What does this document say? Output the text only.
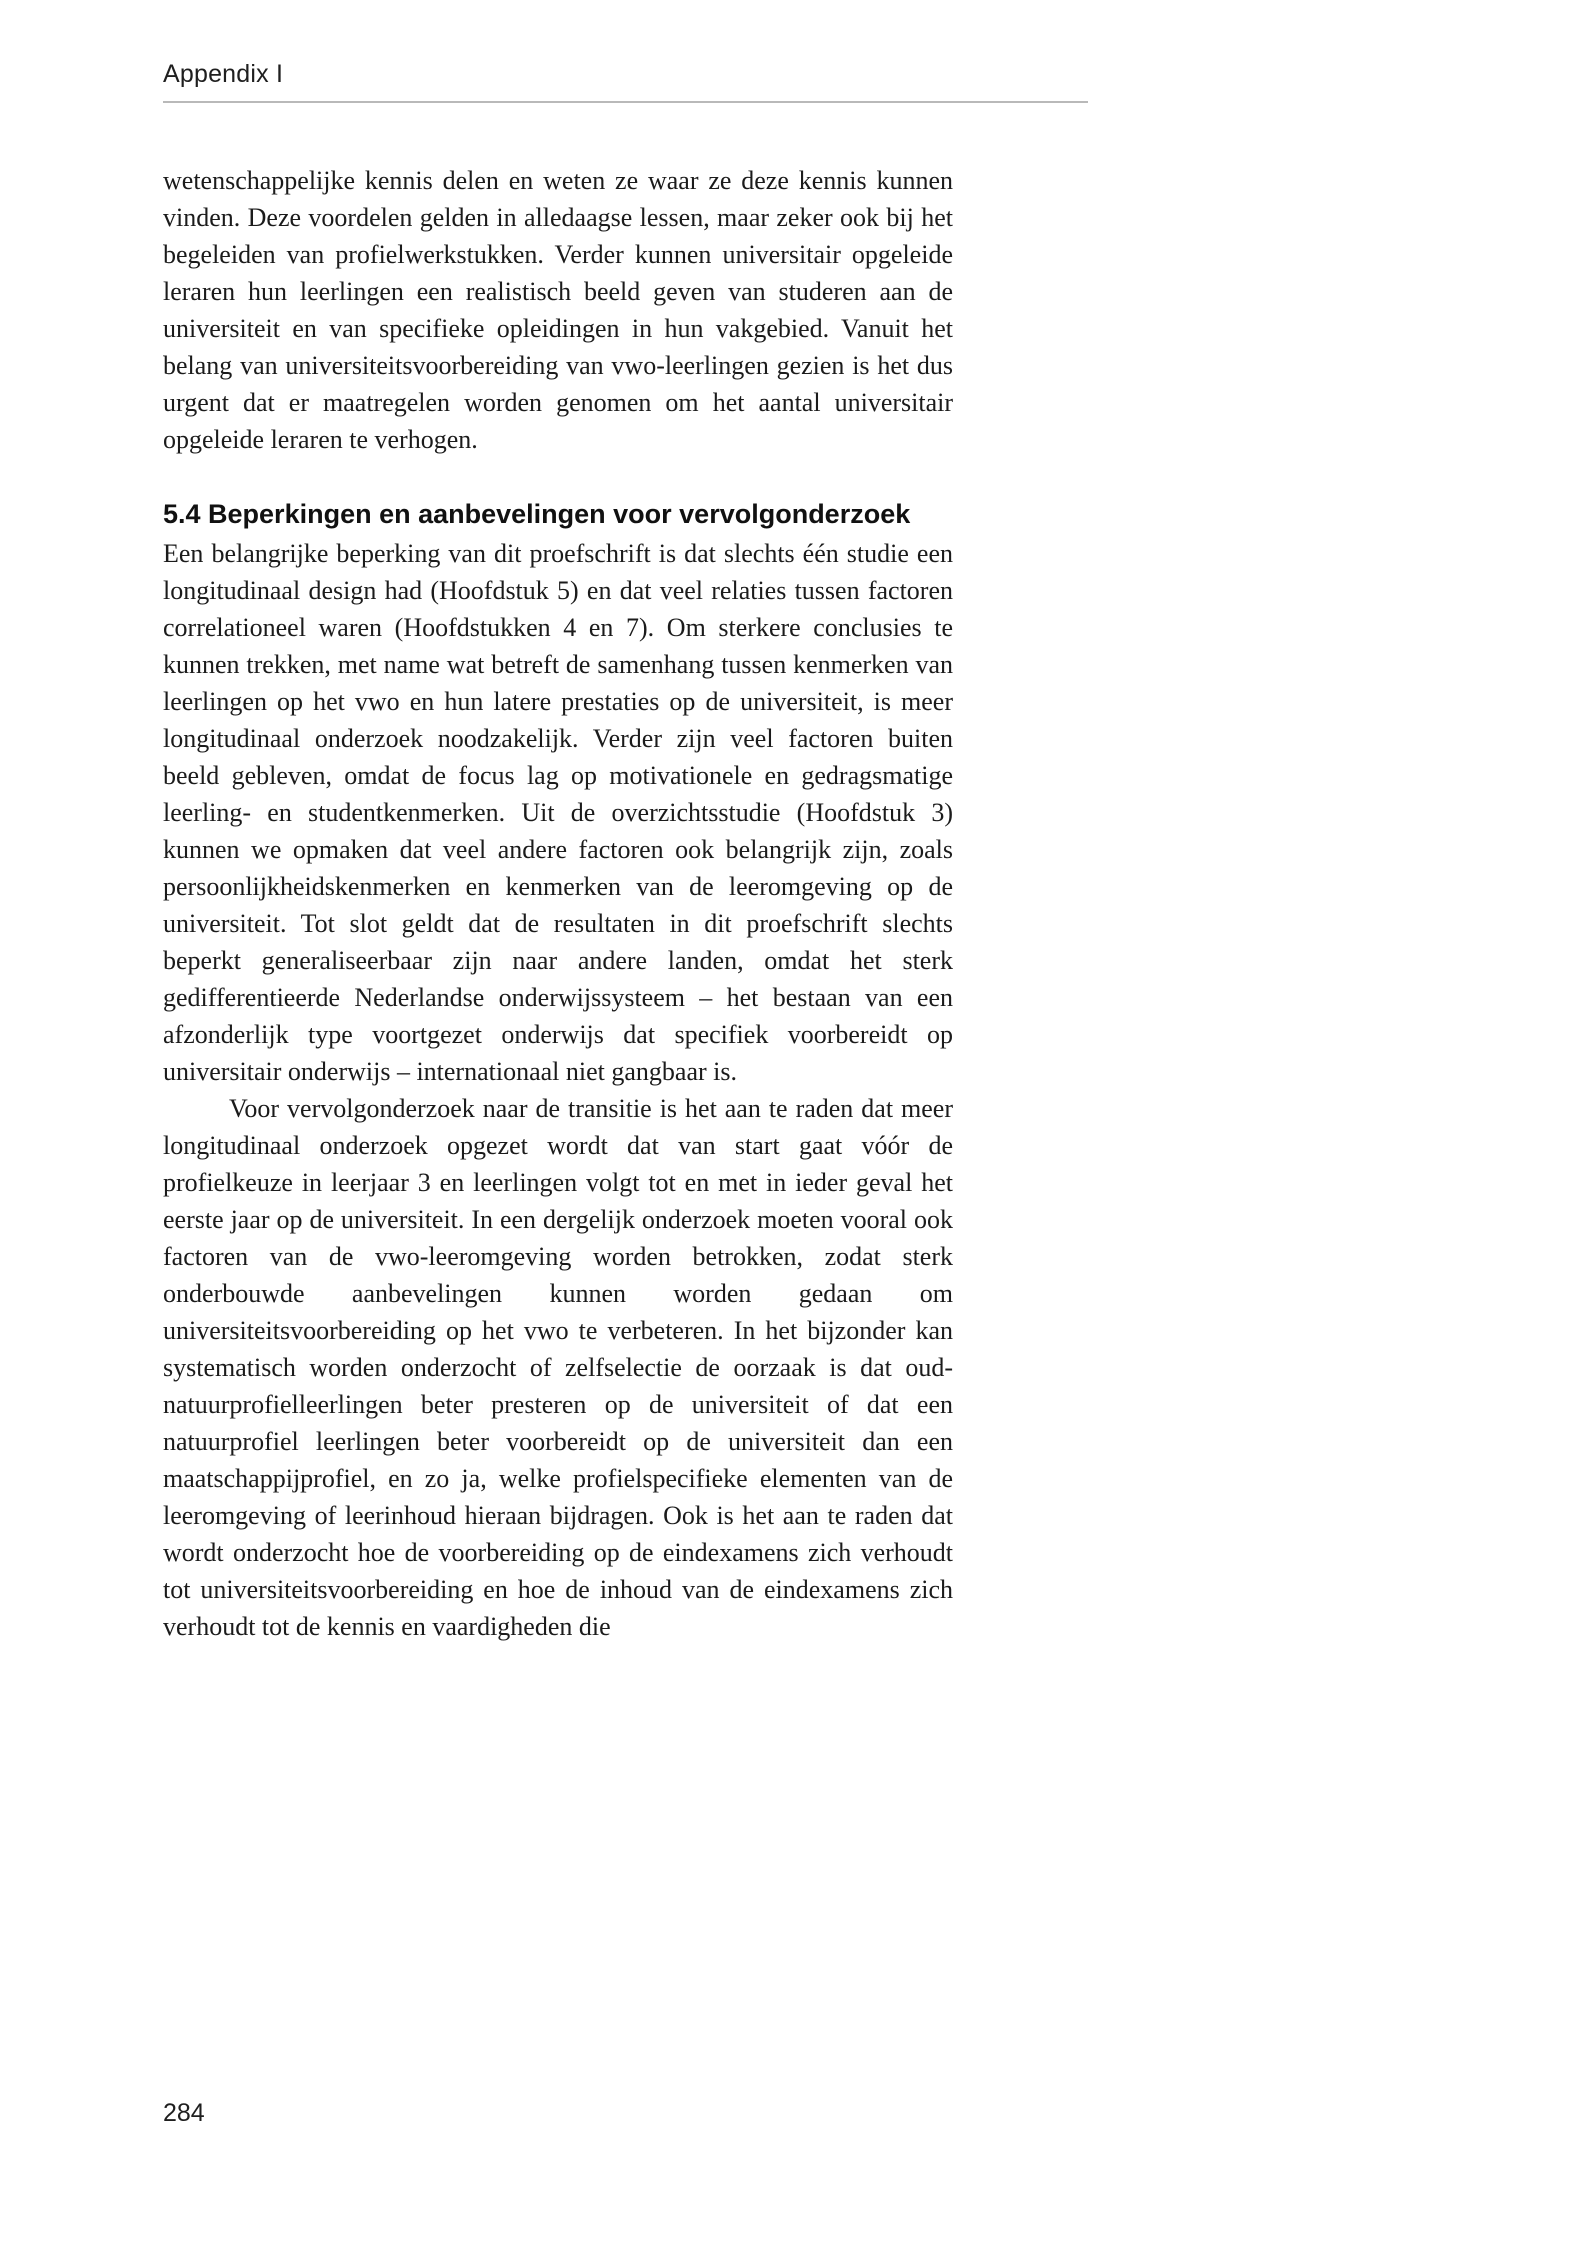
Appendix I

wetenschappelijke kennis delen en weten ze waar ze deze kennis kunnen vinden. Deze voordelen gelden in alledaagse lessen, maar zeker ook bij het begeleiden van profielwerkstukken. Verder kunnen universitair opgeleide leraren hun leerlingen een realistisch beeld geven van studeren aan de universiteit en van specifieke opleidingen in hun vakgebied. Vanuit het belang van universiteitsvoorbereiding van vwo-leerlingen gezien is het dus urgent dat er maatregelen worden genomen om het aantal universitair opgeleide leraren te verhogen.

5.4 Beperkingen en aanbevelingen voor vervolgonderzoek

Een belangrijke beperking van dit proefschrift is dat slechts één studie een longitudinaal design had (Hoofdstuk 5) en dat veel relaties tussen factoren correlationeel waren (Hoofdstukken 4 en 7). Om sterkere conclusies te kunnen trekken, met name wat betreft de samenhang tussen kenmerken van leerlingen op het vwo en hun latere prestaties op de universiteit, is meer longitudinaal onderzoek noodzakelijk. Verder zijn veel factoren buiten beeld gebleven, omdat de focus lag op motivationele en gedragsmatige leerling- en studentkenmerken. Uit de overzichtsstudie (Hoofdstuk 3) kunnen we opmaken dat veel andere factoren ook belangrijk zijn, zoals persoonlijkheidskenmerken en kenmerken van de leeromgeving op de universiteit. Tot slot geldt dat de resultaten in dit proefschrift slechts beperkt generaliseerbaar zijn naar andere landen, omdat het sterk gedifferentieerde Nederlandse onderwijssysteem – het bestaan van een afzonderlijk type voortgezet onderwijs dat specifiek voorbereidt op universitair onderwijs – internationaal niet gangbaar is.

Voor vervolgonderzoek naar de transitie is het aan te raden dat meer longitudinaal onderzoek opgezet wordt dat van start gaat vóór de profielkeuze in leerjaar 3 en leerlingen volgt tot en met in ieder geval het eerste jaar op de universiteit. In een dergelijk onderzoek moeten vooral ook factoren van de vwo-leeromgeving worden betrokken, zodat sterk onderbouwde aanbevelingen kunnen worden gedaan om universiteitsvoorbereiding op het vwo te verbeteren. In het bijzonder kan systematisch worden onderzocht of zelfselectie de oorzaak is dat oud-natuurprofielleerlingen beter presteren op de universiteit of dat een natuurprofiel leerlingen beter voorbereidt op de universiteit dan een maatschappijprofiel, en zo ja, welke profielspecifieke elementen van de leeromgeving of leerinhoud hieraan bijdragen. Ook is het aan te raden dat wordt onderzocht hoe de voorbereiding op de eindexamens zich verhoudt tot universiteitsvoorbereiding en hoe de inhoud van de eindexamens zich verhoudt tot de kennis en vaardigheden die

284
